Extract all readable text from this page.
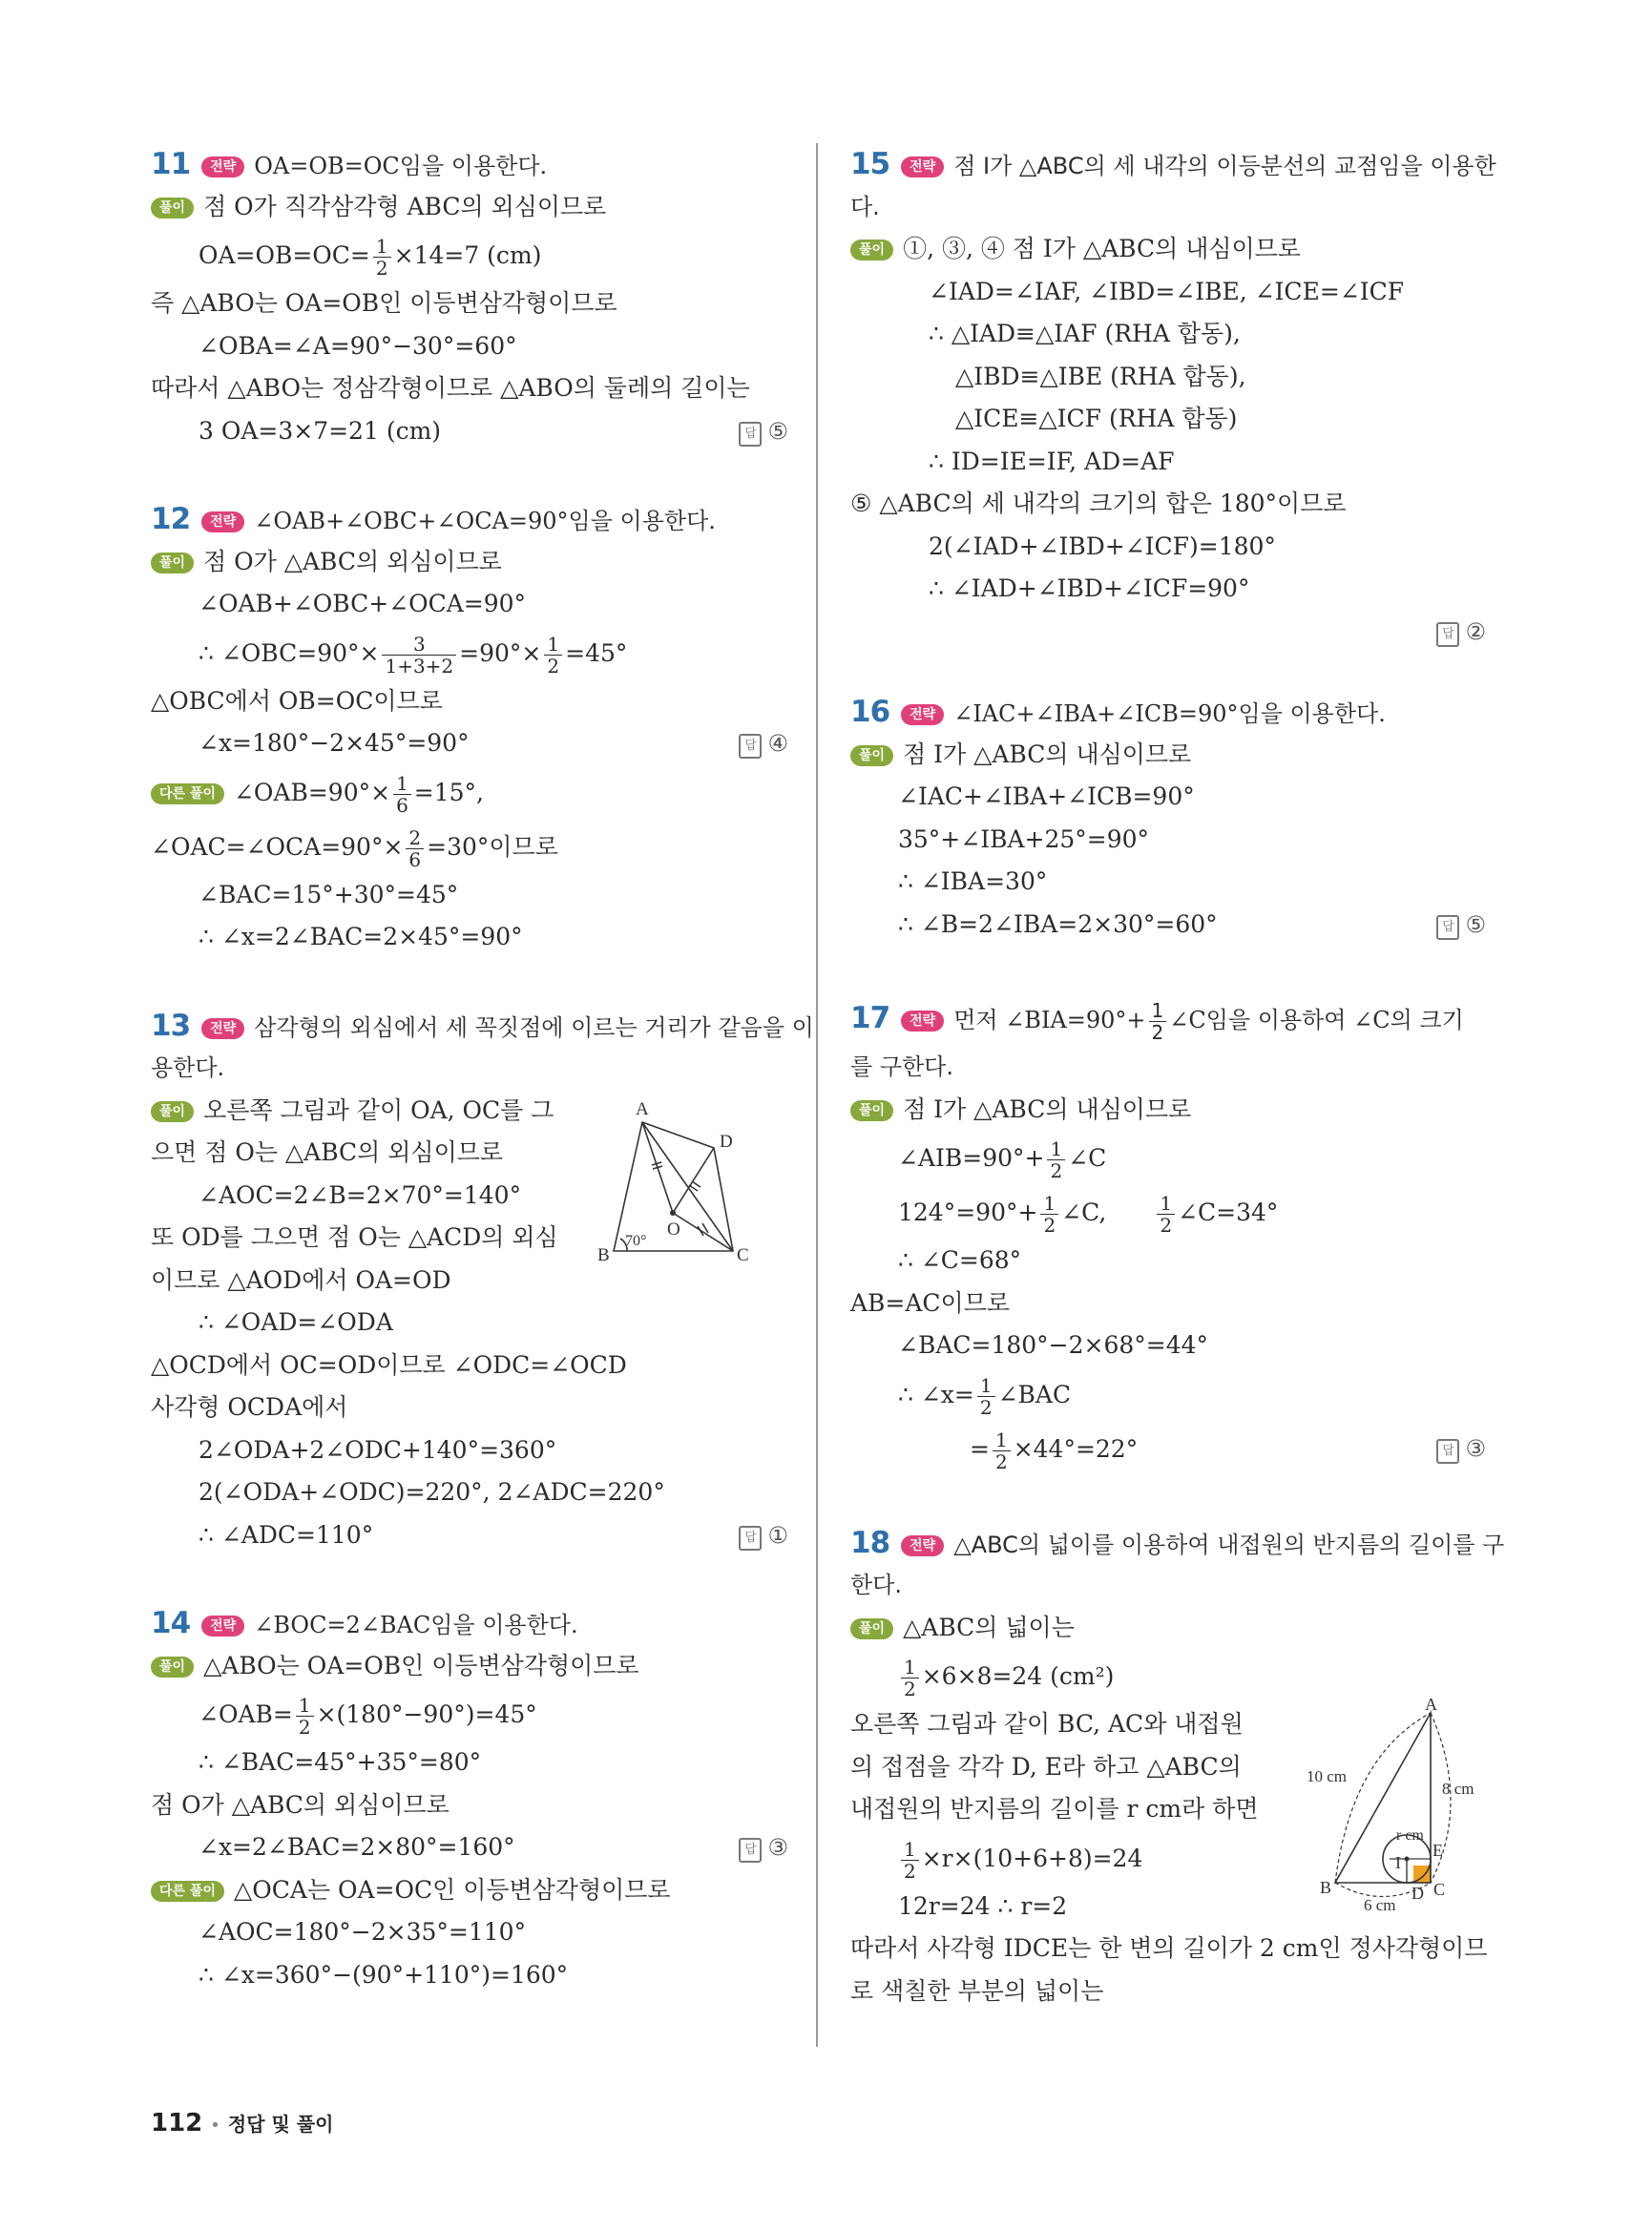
11 전략 OA=OB=OC임을 이용한다.
풀이 점 O가 직각삼각형 ABC의 외심이므로
$OA=OB=OC= \frac{1}{2} \times 14=7$ (cm)
즉 △ABO는 OA=OB인 이등변삼각형이므로
∠OBA=∠A=90°−30°=60°
따라서 △ABO는 정삼각형이므로 △ABO의 둘레의 길이는
3 OA=3×7=21 (cm)	답 ⑤
12 전략 ∠OAB+∠OBC+∠OCA=90°임을 이용한다.
풀이 점 O가 △ABC의 외심이므로
∠OAB+∠OBC+∠OCA=90°
∴ ∠OBC=90°× $\frac{3}{1+3+2} =90^\circ\times \frac{1}{2} =45^\circ$
△OBC에서 OB=OC이므로
∠x=180°−2×45°=90°	답 ④
다른 풀이 ∠OAB=90°× $\frac{1}{6} =15^\circ$,
∠OAC=∠OCA=90°× $\frac{2}{6} =30^\circ$이므로
∠BAC=15°+30°=45°
∴ ∠x=2∠BAC=2×45°=90°
13 전략 삼각형의 외심에서 세 꼭짓점에 이르는 거리가 같음을 이
용한다.
풀이 오른쪽 그림과 같이 OA, OC를 그
으면 점 O는 △ABC의 외심이므로
∠AOC=2∠B=2×70°=140°
또 OD를 그으면 점 O는 △ACD의 외심
이므로 △AOD에서 OA=OD
∴ ∠OAD=∠ODA
△OCD에서 OC=OD이므로 ∠ODC=∠OCD
사각형 OCDA에서
2∠ODA+2∠ODC+140°=360°
2(∠ODA+∠ODC)=220°, 2∠ADC=220°
∴ ∠ADC=110°	답 ①
A
D
B	C
O
70°
14 전략 ∠BOC=2∠BAC임을 이용한다.
풀이 △ABO는 OA=OB인 이등변삼각형이므로
∠OAB= $\frac{1}{2} \times(180^\circ-90^\circ)=45^\circ$
∴ ∠BAC=45°+35°=80°
점 O가 △ABC의 외심이므로
∠x=2∠BAC=2×80°=160°	답 ③
다른 풀이 △OCA는 OA=OC인 이등변삼각형이므로
∠AOC=180°−2×35°=110°
∴ ∠x=360°−(90°+110°)=160°
15 전략 점 I가 △ABC의 세 내각의 이등분선의 교점임을 이용한
다.
풀이 ①, ③, ④ 점 I가 △ABC의 내심이므로
∠IAD=∠IAF, ∠IBD=∠IBE, ∠ICE=∠ICF
∴ △IAD≡△IAF (RHA 합동),
△IBD≡△IBE (RHA 합동),
△ICE≡△ICF (RHA 합동)
∴ ID=IE=IF, AD=AF
⑤ △ABC의 세 내각의 크기의 합은 180°이므로
2(∠IAD+∠IBD+∠ICF)=180°
∴ ∠IAD+∠IBD+∠ICF=90°
답 ②
16 전략 ∠IAC+∠IBA+∠ICB=90°임을 이용한다.
풀이 점 I가 △ABC의 내심이므로
∠IAC+∠IBA+∠ICB=90°
35°+∠IBA+25°=90°
∴ ∠IBA=30°
∴ ∠B=2∠IBA=2×30°=60°	답 ⑤
17 전략 먼저 ∠BIA=90°+ $\frac{1}{2}$ ∠C임을 이용하여 ∠C의 크기
를 구한다.
풀이 점 I가 △ABC의 내심이므로
∠AIB=90°+ $\frac{1}{2}$ ∠C
$124^\circ=90^\circ+ \frac{1}{2}$ ∠C,	$\frac{1}{2}$ ∠C=34°
∴ ∠C=68°
AB=AC이므로
∠BAC=180°−2×68°=44°
∴ ∠x= $\frac{1}{2}$ ∠BAC
= $\frac{1}{2} \times 44^\circ=22^\circ$	답 ③
18 전략 △ABC의 넓이를 이용하여 내접원의 반지름의 길이를 구
한다.
풀이 △ABC의 넓이는
$\frac{1}{2} \times 6\times 8=24$ (cm²)
오른쪽 그림과 같이 BC, AC와 내접원
의 접점을 각각 D, E라 하고 △ABC의
내접원의 반지름의 길이를 r cm라 하면
$\frac{1}{2} \times r\times(10+6+8)=24$
12r=24 ∴ r=2
따라서 사각형 IDCE는 한 변의 길이가 2 cm인 정사각형이므
로 색칠한 부분의 넓이는
A
B	C
D
E
I
10 cm
8 cm
6 cm
r cm
112 • 정답 및 풀이
